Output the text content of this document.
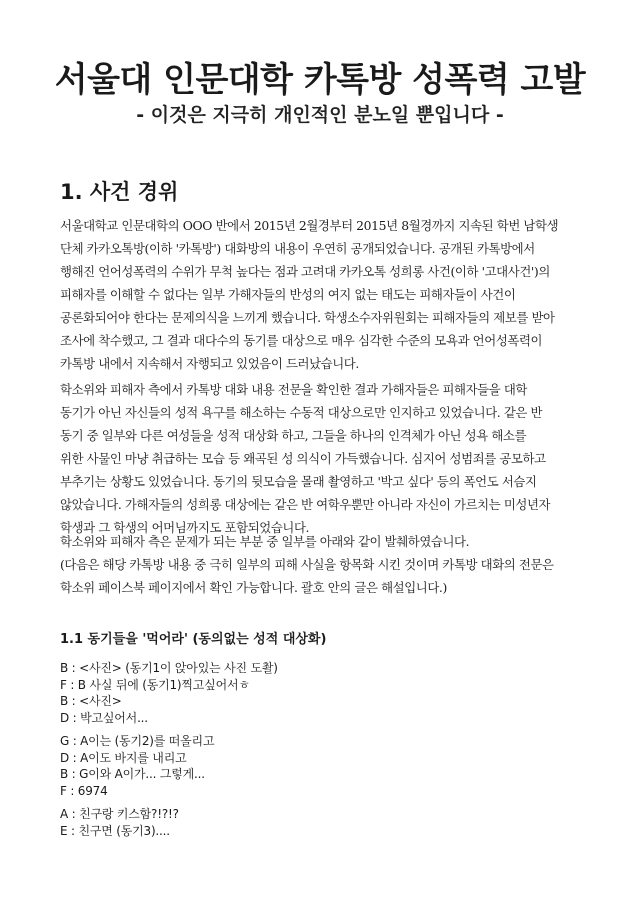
서울대 인문대학 카톡방 성폭력 고발
- 이것은 지극히 개인적인 분노일 뿐입니다 -
1. 사건 경위
서울대학교 인문대학의 OOO 반에서 2015년 2월경부터 2015년 8월경까지 지속된 학번 남학생
단체 카카오톡방(이하 '카톡방') 대화방의 내용이 우연히 공개되었습니다. 공개된 카톡방에서
행해진 언어성폭력의 수위가 무척 높다는 점과 고려대 카카오톡 성희롱 사건(이하 '고대사건')의
피해자를 이해할 수 없다는 일부 가해자들의 반성의 여지 없는 태도는 피해자들이 사건이
공론화되어야 한다는 문제의식을 느끼게 했습니다. 학생소수자위원회는 피해자들의 제보를 받아
조사에 착수했고, 그 결과 대다수의 동기를 대상으로 매우 심각한 수준의 모욕과 언어성폭력이
카톡방 내에서 지속해서 자행되고 있었음이 드러났습니다.
학소위와 피해자 측에서 카톡방 대화 내용 전문을 확인한 결과 가해자들은 피해자들을 대학
동기가 아닌 자신들의 성적 욕구를 해소하는 수동적 대상으로만 인지하고 있었습니다. 같은 반
동기 중 일부와 다른 여성들을 성적 대상화 하고, 그들을 하나의 인격체가 아닌 성욕 해소를
위한 사물인 마냥 취급하는 모습 등 왜곡된 성 의식이 가득했습니다. 심지어 성범죄를 공모하고
부추기는 상황도 있었습니다. 동기의 뒷모습을 몰래 촬영하고 '박고 싶다' 등의 폭언도 서슴지
않았습니다. 가해자들의 성희롱 대상에는 같은 반 여학우뿐만 아니라 자신이 가르치는 미성년자
학생과 그 학생의 어머님까지도 포함되었습니다.
학소위와 피해자 측은 문제가 되는 부분 중 일부를 아래와 같이 발췌하였습니다.
(다음은 해당 카톡방 내용 중 극히 일부의 피해 사실을 항목화 시킨 것이며 카톡방 대화의 전문은
학소위 페이스북 페이지에서 확인 가능합니다. 괄호 안의 글은 해설입니다.)
1.1 동기들을 '먹어라' (동의없는 성적 대상화)
B : <사진> (동기1이 앉아있는 사진 도촬)
F : B 사실 뒤에 (동기1)찍고싶어서ㅎ
B : <사진>
D : 박고싶어서...
G : A이는 (동기2)를 떠올리고
D : A이도 바지를 내리고
B : G이와 A이가... 그렇게...
F : 6974
A : 친구랑 키스함?!?!?
E : 친구면 (동기3)....
